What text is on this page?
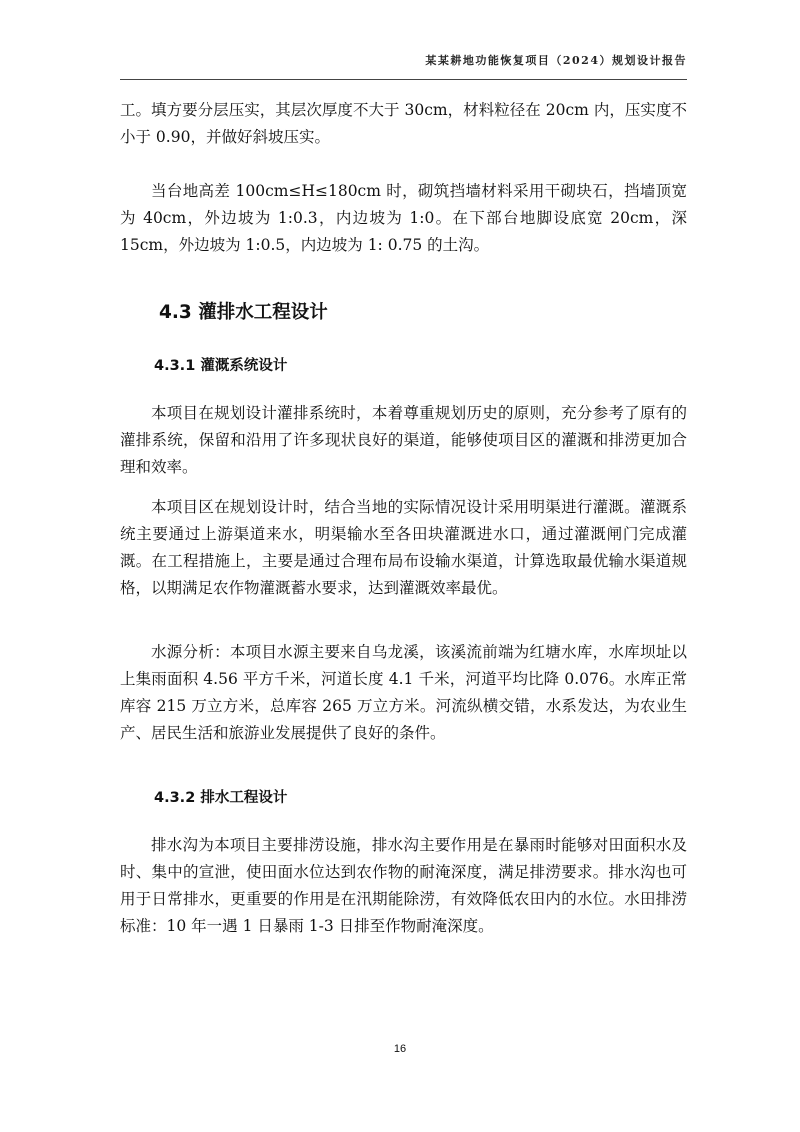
某某耕地功能恢复项目（2024）规划设计报告

工。填方要分层压实，其层次厚度不大于 30cm，材料粒径在 20cm 内，压实度不小于 0.90，并做好斜坡压实。

当台地高差 100cm≤H≤180cm 时，砌筑挡墙材料采用干砌块石，挡墙顶宽为 40cm，外边坡为 1:0.3，内边坡为 1:0。在下部台地脚设底宽 20cm，深 15cm，外边坡为 1:0.5，内边坡为 1: 0.75 的土沟。

4.3 灌排水工程设计
4.3.1 灌溉系统设计

本项目在规划设计灌排系统时，本着尊重规划历史的原则，充分参考了原有的灌排系统，保留和沿用了许多现状良好的渠道，能够使项目区的灌溉和排涝更加合理和效率。

本项目区在规划设计时，结合当地的实际情况设计采用明渠进行灌溉。灌溉系统主要通过上游渠道来水，明渠输水至各田块灌溉进水口，通过灌溉闸门完成灌溉。在工程措施上，主要是通过合理布局布设输水渠道，计算选取最优输水渠道规格，以期满足农作物灌溉蓄水要求，达到灌溉效率最优。

水源分析：本项目水源主要来自乌龙溪，该溪流前端为红塘水库，水库坝址以上集雨面积 4.56 平方千米，河道长度 4.1 千米，河道平均比降 0.076。水库正常库容 215 万立方米，总库容 265 万立方米。河流纵横交错，水系发达，为农业生产、居民生活和旅游业发展提供了良好的条件。

4.3.2 排水工程设计

排水沟为本项目主要排涝设施，排水沟主要作用是在暴雨时能够对田面积水及时、集中的宣泄，使田面水位达到农作物的耐淹深度，满足排涝要求。排水沟也可用于日常排水，更重要的作用是在汛期能除涝，有效降低农田内的水位。水田排涝标准：10 年一遇 1 日暴雨 1-3 日排至作物耐淹深度。

16
